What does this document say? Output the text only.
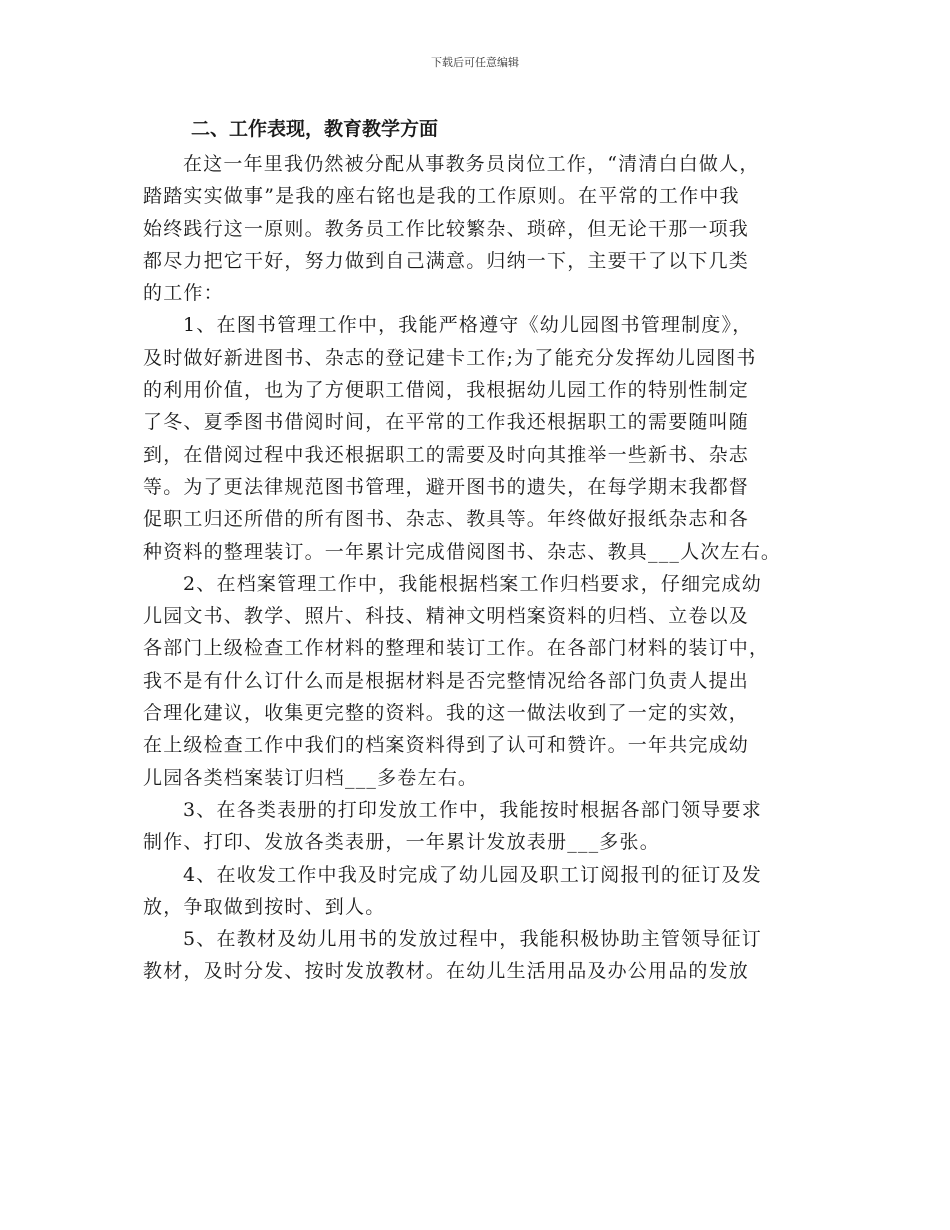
下载后可任意编辑
二、工作表现，教育教学方面
在这一年里我仍然被分配从事教务员岗位工作，“清清白白做人，
踏踏实实做事”是我的座右铭也是我的工作原则。在平常的工作中我
始终践行这一原则。教务员工作比较繁杂、琐碎，但无论干那一项我
都尽力把它干好，努力做到自己满意。归纳一下，主要干了以下几类
的工作：
1、在图书管理工作中，我能严格遵守《幼儿园图书管理制度》，
及时做好新进图书、杂志的登记建卡工作;为了能充分发挥幼儿园图书
的利用价值，也为了方便职工借阅，我根据幼儿园工作的特别性制定
了冬、夏季图书借阅时间，在平常的工作我还根据职工的需要随叫随
到，在借阅过程中我还根据职工的需要及时向其推举一些新书、杂志
等。为了更法律规范图书管理，避开图书的遗失，在每学期末我都督
促职工归还所借的所有图书、杂志、教具等。年终做好报纸杂志和各
种资料的整理装订。一年累计完成借阅图书、杂志、教具___人次左右。
2、在档案管理工作中，我能根据档案工作归档要求，仔细完成幼
儿园文书、教学、照片、科技、精神文明档案资料的归档、立卷以及
各部门上级检查工作材料的整理和装订工作。在各部门材料的装订中，
我不是有什么订什么而是根据材料是否完整情况给各部门负责人提出
合理化建议，收集更完整的资料。我的这一做法收到了一定的实效，
在上级检查工作中我们的档案资料得到了认可和赞许。一年共完成幼
儿园各类档案装订归档___多卷左右。
3、在各类表册的打印发放工作中，我能按时根据各部门领导要求
制作、打印、发放各类表册，一年累计发放表册___多张。
4、在收发工作中我及时完成了幼儿园及职工订阅报刊的征订及发
放，争取做到按时、到人。
5、在教材及幼儿用书的发放过程中，我能积极协助主管领导征订
教材，及时分发、按时发放教材。在幼儿生活用品及办公用品的发放
